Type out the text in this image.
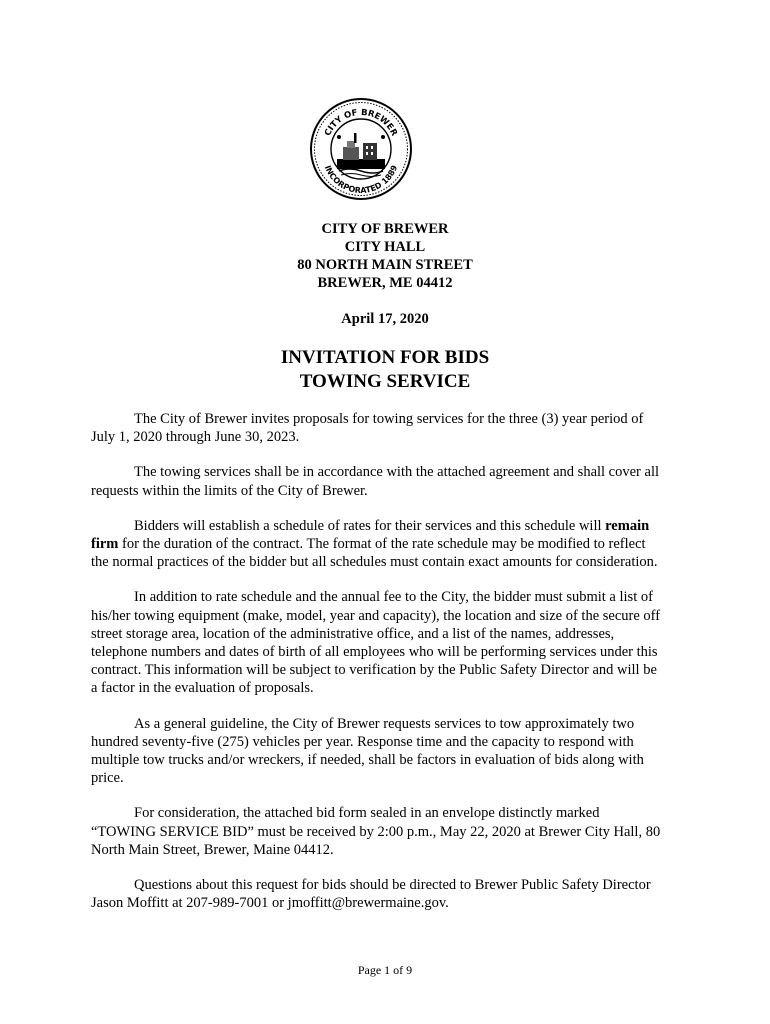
CITY OF BREWER
INCORPORATED 1889
CITY OF BREWER
CITY HALL
80 NORTH MAIN STREET
BREWER, ME 04412
April 17, 2020
INVITATION FOR BIDS
TOWING SERVICE

The City of Brewer invites proposals for towing services for the three (3) year period of July 1, 2020 through June 30, 2023.

The towing services shall be in accordance with the attached agreement and shall cover all requests within the limits of the City of Brewer.

Bidders will establish a schedule of rates for their services and this schedule will remain firm for the duration of the contract. The format of the rate schedule may be modified to reflect the normal practices of the bidder but all schedules must contain exact amounts for consideration.

In addition to rate schedule and the annual fee to the City, the bidder must submit a list of his/her towing equipment (make, model, year and capacity), the location and size of the secure off street storage area, location of the administrative office, and a list of the names, addresses, telephone numbers and dates of birth of all employees who will be performing services under this contract. This information will be subject to verification by the Public Safety Director and will be a factor in the evaluation of proposals.

As a general guideline, the City of Brewer requests services to tow approximately two hundred seventy-five (275) vehicles per year. Response time and the capacity to respond with multiple tow trucks and/or wreckers, if needed, shall be factors in evaluation of bids along with price.

For consideration, the attached bid form sealed in an envelope distinctly marked “TOWING SERVICE BID” must be received by 2:00 p.m., May 22, 2020 at Brewer City Hall, 80 North Main Street, Brewer, Maine 04412.

Questions about this request for bids should be directed to Brewer Public Safety Director Jason Moffitt at 207-989-7001 or jmoffitt@brewermaine.gov.

Page 1 of 9
